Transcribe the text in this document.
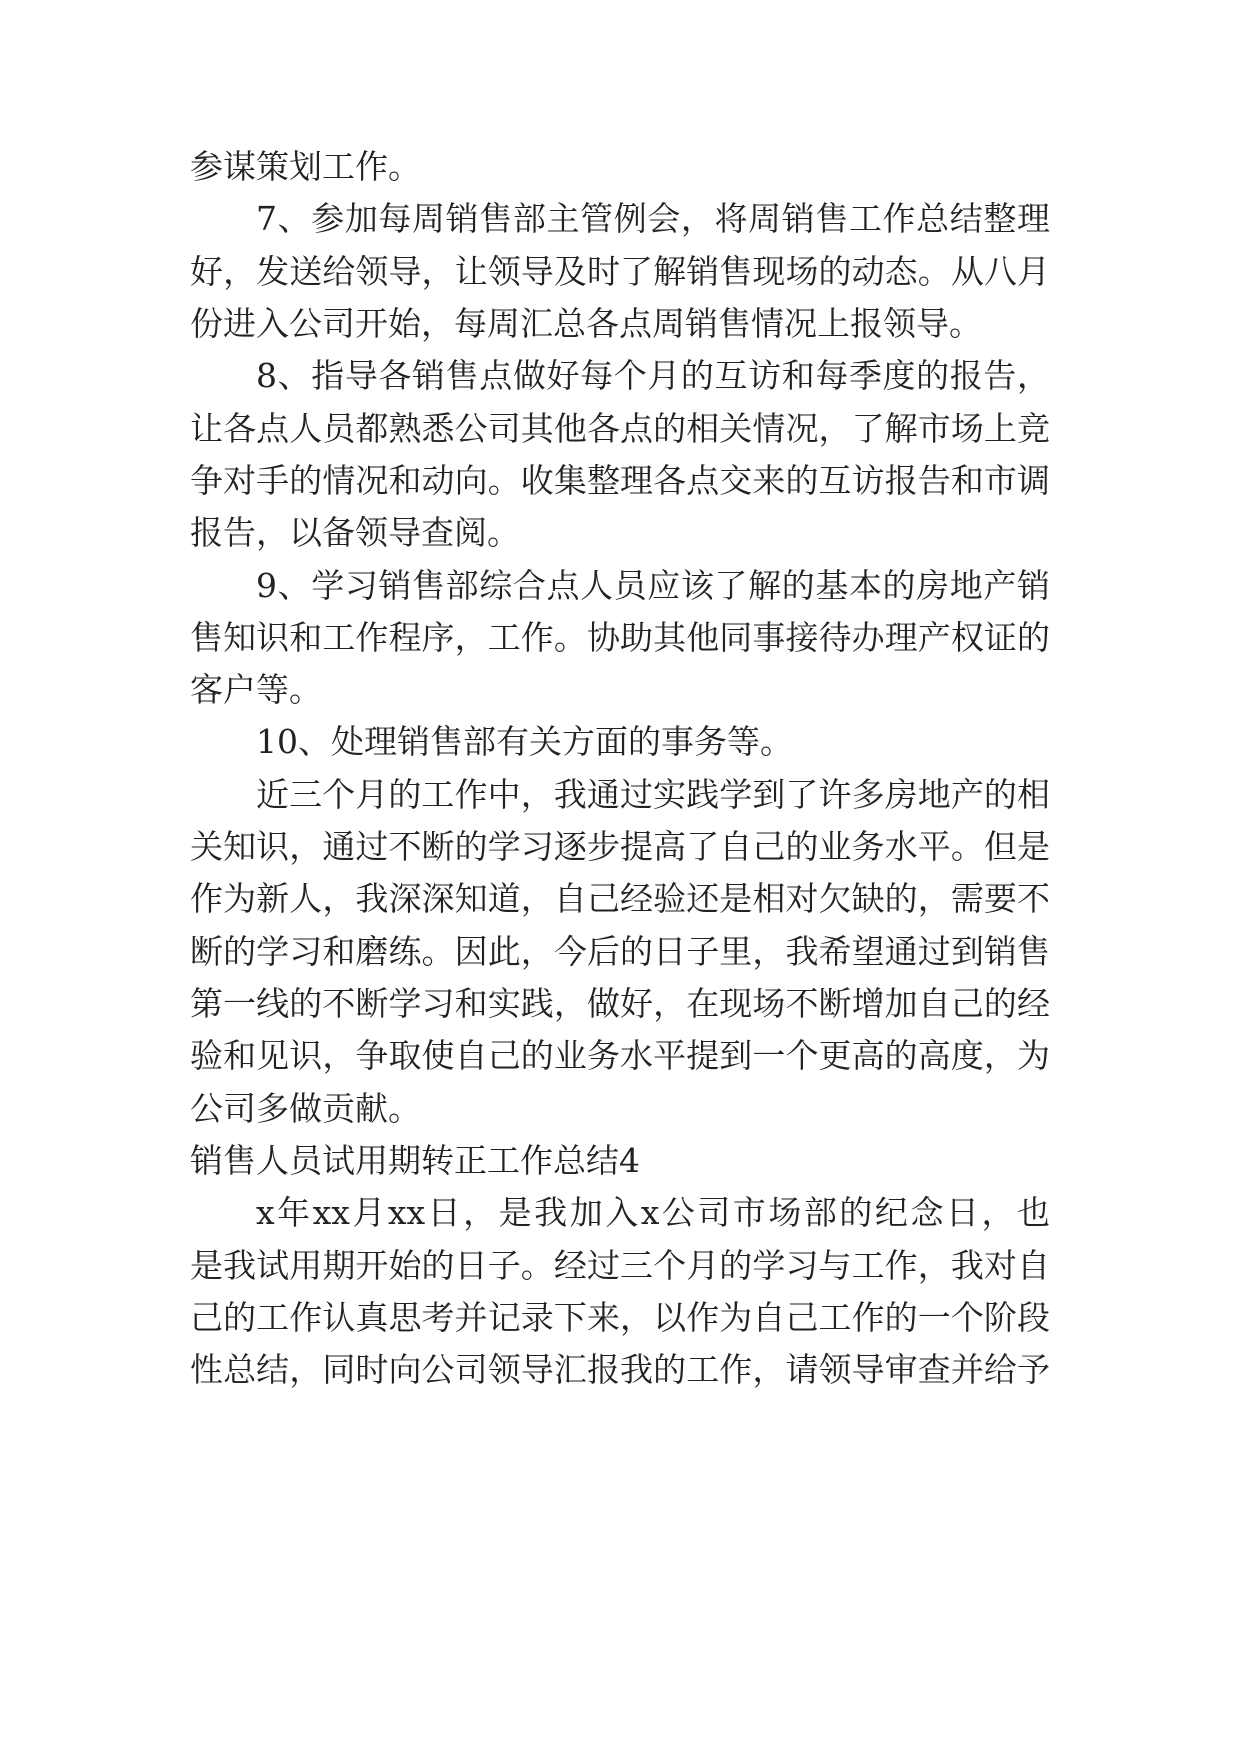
参谋策划工作。
7、参加每周销售部主管例会，将周销售工作总结整理
好，发送给领导，让领导及时了解销售现场的动态。从八月
份进入公司开始，每周汇总各点周销售情况上报领导。
8、指导各销售点做好每个月的互访和每季度的报告，
让各点人员都熟悉公司其他各点的相关情况，了解市场上竞
争对手的情况和动向。收集整理各点交来的互访报告和市调
报告，以备领导查阅。
9、学习销售部综合点人员应该了解的基本的房地产销
售知识和工作程序，工作。协助其他同事接待办理产权证的
客户等。
10、处理销售部有关方面的事务等。
近三个月的工作中，我通过实践学到了许多房地产的相
关知识，通过不断的学习逐步提高了自己的业务水平。但是
作为新人，我深深知道，自己经验还是相对欠缺的，需要不
断的学习和磨练。因此，今后的日子里，我希望通过到销售
第一线的不断学习和实践，做好，在现场不断增加自己的经
验和见识，争取使自己的业务水平提到一个更高的高度，为
公司多做贡献。
销售人员试用期转正工作总结4
x年xx月xx日，是我加入x公司市场部的纪念日，也
是我试用期开始的日子。经过三个月的学习与工作，我对自
己的工作认真思考并记录下来，以作为自己工作的一个阶段
性总结，同时向公司领导汇报我的工作，请领导审查并给予
